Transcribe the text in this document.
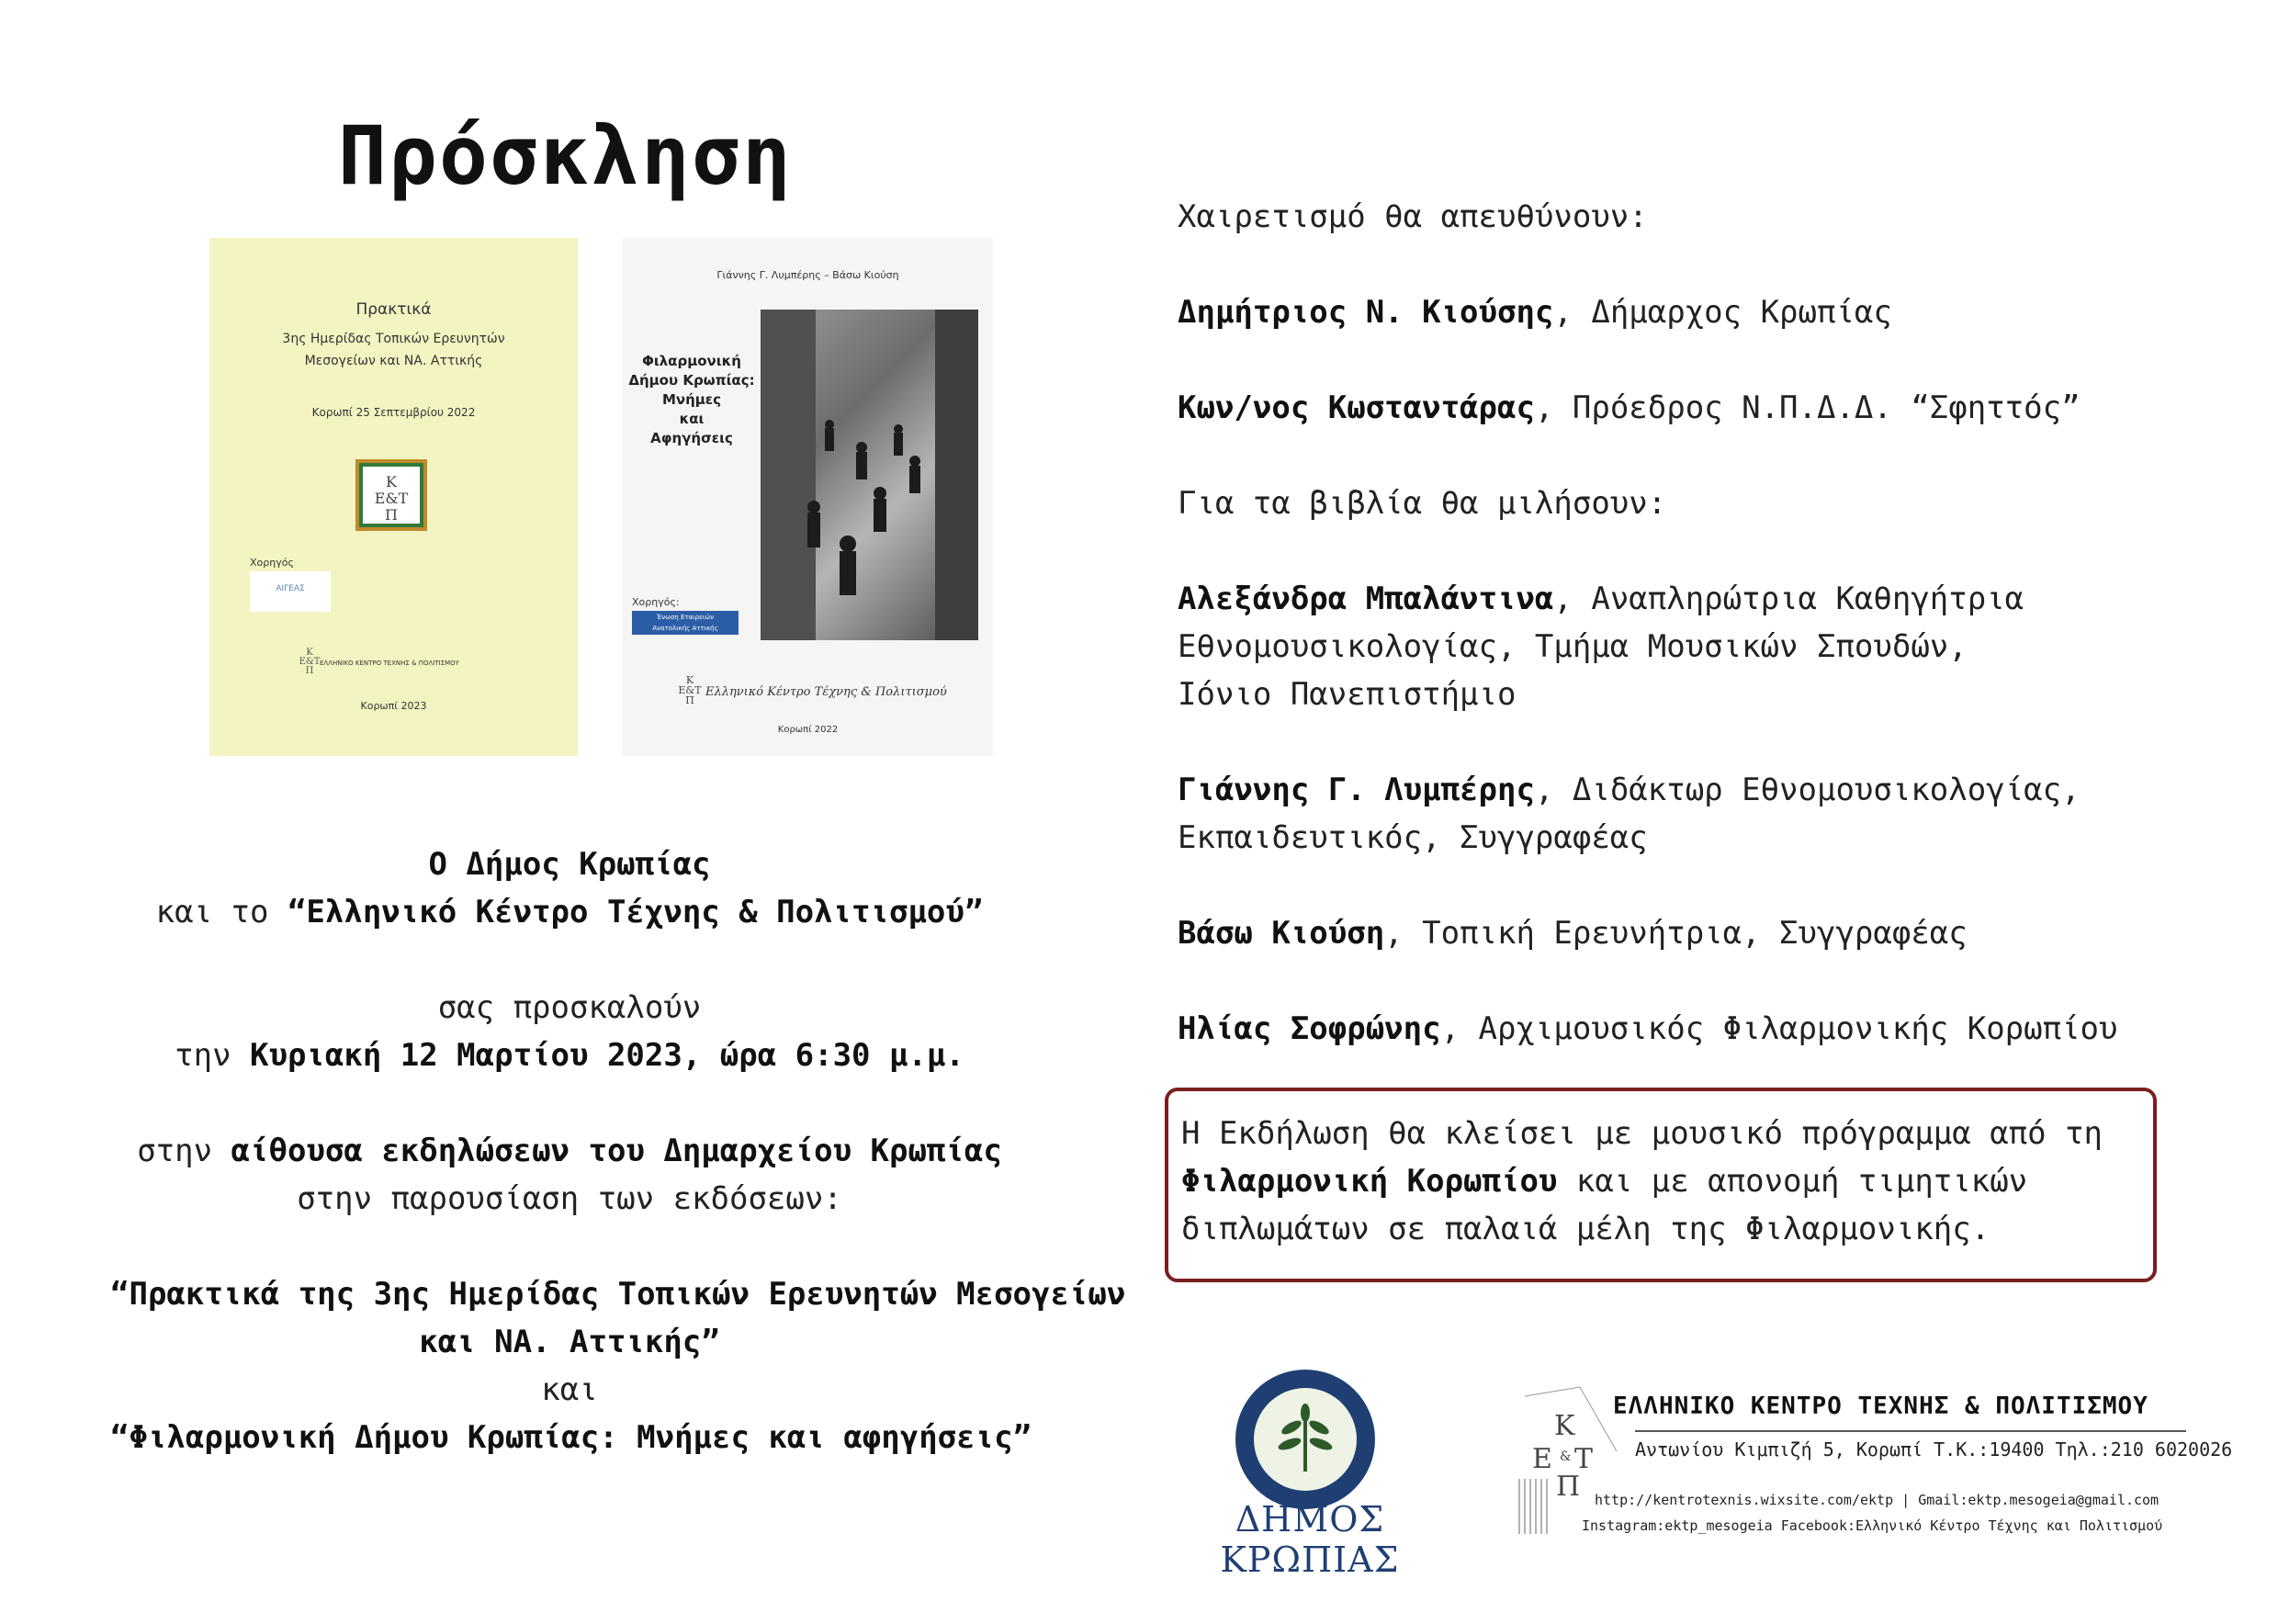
Πρόσκληση
Πρακτικά
3ης Ημερίδας Τοπικών Ερευνητών
Μεσογείων και ΝΑ. Αττικής
Κορωπί 25 Σεπτεμβρίου 2022
K
E&T
Π
Χορηγός
ΑΙΓΕΑΣ
K
E&T
Π
ΕΛΛΗΝΙΚΟ ΚΕΝΤΡΟ ΤΕΧΝΗΣ & ΠΟΛΙΤΙΣΜΟΥ
Κορωπί 2023
Γιάννης Γ. Λυμπέρης – Βάσω Κιούση
Φιλαρμονική
Δήμου Κρωπίας:
Μνήμες
και
Αφηγήσεις
Χορηγός:
Ένωση Εταιρειών
Ανατολικής Αττικής
K
E&T
Π
Ελληνικό Κέντρο Τέχνης & Πολιτισμού
Κορωπί 2022
Ο Δήμος Κρωπίας
και το “Ελληνικό Κέντρο Τέχνης & Πολιτισμού”
σας προσκαλούν
την Κυριακή 12 Μαρτίου 2023, ώρα 6:30 μ.μ.
στην αίθουσα εκδηλώσεων του Δημαρχείου Κρωπίας
στην παρουσίαση των εκδόσεων:
“Πρακτικά της 3ης Ημερίδας Τοπικών Ερευνητών Μεσογείων
και ΝΑ. Αττικής”
και
“Φιλαρμονική Δήμου Κρωπίας: Μνήμες και αφηγήσεις”
Χαιρετισμό θα απευθύνουν:
Δημήτριος Ν. Κιούσης, Δήμαρχος Κρωπίας
Κων/νος Κωσταντάρας, Πρόεδρος Ν.Π.Δ.Δ. “Σφηττός”
Για τα βιβλία θα μιλήσουν:
Αλεξάνδρα Μπαλάντινα, Αναπληρώτρια Καθηγήτρια
Εθνομουσικολογίας, Τμήμα Μουσικών Σπουδών,
Ιόνιο Πανεπιστήμιο
Γιάννης Γ. Λυμπέρης, Διδάκτωρ Εθνομουσικολογίας,
Εκπαιδευτικός, Συγγραφέας
Βάσω Κιούση, Τοπική Ερευνήτρια, Συγγραφέας
Ηλίας Σοφρώνης, Αρχιμουσικός Φιλαρμονικής Κορωπίου
Η Εκδήλωση θα κλείσει με μουσικό πρόγραμμα από τη
Φιλαρμονική Κορωπίου και με απονομή τιμητικών
διπλωμάτων σε παλαιά μέλη της Φιλαρμονικής.
ΔΗΜΟΣ ΚΡΩΠΙΑΣ
K
E & T
Π
ΕΛΛΗΝΙΚΟ ΚΕΝΤΡΟ ΤΕΧΝΗΣ & ΠΟΛΙΤΙΣΜΟΥ
Αντωνίου Κιμπιζή 5, Κορωπί Τ.Κ.:19400 Τηλ.:210 6020026
http://kentrotexnis.wixsite.com/ektp | Gmail:ektp.mesogeia@gmail.com
Instagram:ektp_mesogeia Facebook:Ελληνικό Κέντρο Τέχνης και Πολιτισμού
